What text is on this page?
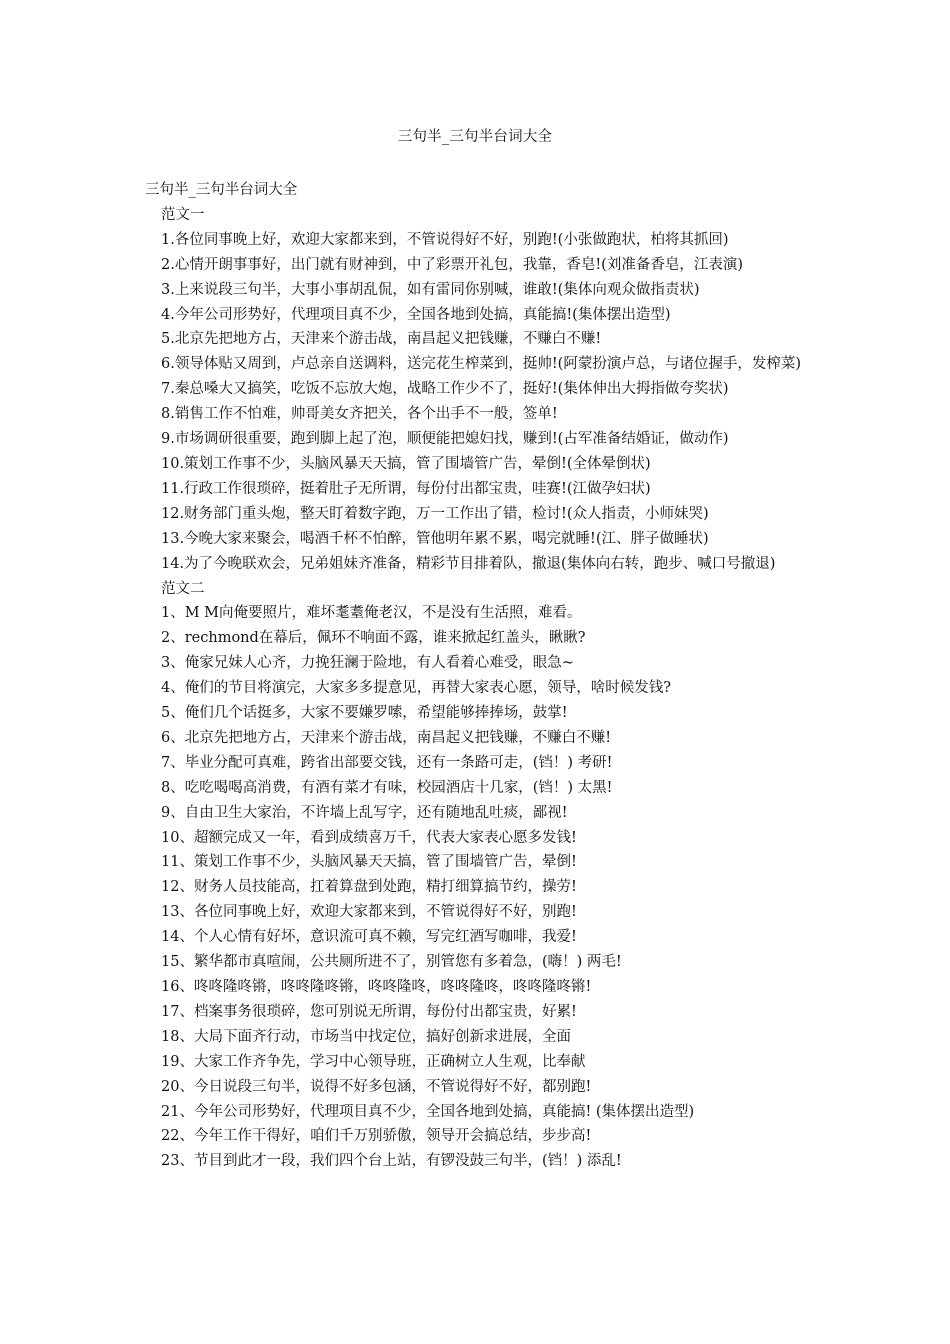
三句半_三句半台词大全

三句半_三句半台词大全

范文一

1.各位同事晚上好，欢迎大家都来到，不管说得好不好，别跑!(小张做跑状，柏将其抓回)

2.心情开朗事事好，出门就有财神到，中了彩票开礼包，我靠，香皂!(刘准备香皂，江表演)

3.上来说段三句半，大事小事胡乱侃，如有雷同你别喊，谁敢!(集体向观众做指责状)

4.今年公司形势好，代理项目真不少，全国各地到处搞，真能搞!(集体摆出造型)

5.北京先把地方占，天津来个游击战，南昌起义把钱赚，不赚白不赚!

6.领导体贴又周到，卢总亲自送调料，送完花生榨菜到，挺帅!(阿蒙扮演卢总，与诸位握手，发榨菜)

7.秦总嗓大又搞笑，吃饭不忘放大炮，战略工作少不了，挺好!(集体伸出大拇指做夸奖状)

8.销售工作不怕难，帅哥美女齐把关，各个出手不一般，签单!

9.市场调研很重要，跑到脚上起了泡，顺便能把媳妇找，赚到!(占军准备结婚证，做动作)

10.策划工作事不少，头脑风暴天天搞，管了围墙管广告，晕倒!(全体晕倒状)

11.行政工作很琐碎，挺着肚子无所谓，每份付出都宝贵，哇赛!(江做孕妇状)

12.财务部门重头炮，整天盯着数字跑，万一工作出了错，检讨!(众人指责，小师妹哭)

13.今晚大家来聚会，喝酒千杯不怕醉，管他明年累不累，喝完就睡!(江、胖子做睡状)

14.为了今晚联欢会，兄弟姐妹齐准备，精彩节目排着队，撤退(集体向右转，跑步、喊口号撤退)

范文二

1、M M向俺要照片，难坏耄耋俺老汉，不是没有生活照，难看。

2、rechmond在幕后，佩环不响面不露，谁来掀起红盖头，瞅瞅?

3、俺家兄妹人心齐，力挽狂澜于险地，有人看着心难受，眼急~

4、俺们的节目将演完，大家多多提意见，再替大家表心愿，领导，啥时候发钱?

5、俺们几个话挺多，大家不要嫌罗嗦，希望能够捧捧场，鼓掌!

6、北京先把地方占，天津来个游击战，南昌起义把钱赚，不赚白不赚!

7、毕业分配可真难，跨省出部要交钱，还有一条路可走，(铛！) 考研!

8、吃吃喝喝高消费，有酒有菜才有味，校园酒店十几家，(铛！) 太黑!

9、自由卫生大家治，不许墙上乱写字，还有随地乱吐痰，鄙视!

10、超额完成又一年，看到成绩喜万千，代表大家表心愿多发钱!

11、策划工作事不少，头脑风暴天天搞，管了围墙管广告，晕倒!

12、财务人员技能高，扛着算盘到处跑，精打细算搞节约，操劳!

13、各位同事晚上好，欢迎大家都来到，不管说得好不好，别跑!

14、个人心情有好坏，意识流可真不赖，写完红酒写咖啡，我爱!

15、繁华都市真喧闹，公共厕所进不了，别管您有多着急，(嗨！) 两毛!

16、咚咚隆咚锵，咚咚隆咚锵，咚咚隆咚，咚咚隆咚，咚咚隆咚锵!

17、档案事务很琐碎，您可别说无所谓，每份付出都宝贵，好累!

18、大局下面齐行动，市场当中找定位，搞好创新求进展，全面

19、大家工作齐争先，学习中心领导班，正确树立人生观，比奉献

20、今日说段三句半，说得不好多包涵，不管说得好不好，都别跑!

21、今年公司形势好，代理项目真不少，全国各地到处搞，真能搞! (集体摆出造型)

22、今年工作干得好，咱们千万别骄傲，领导开会搞总结，步步高!

23、节目到此才一段，我们四个台上站，有锣没鼓三句半，(铛！) 添乱!
